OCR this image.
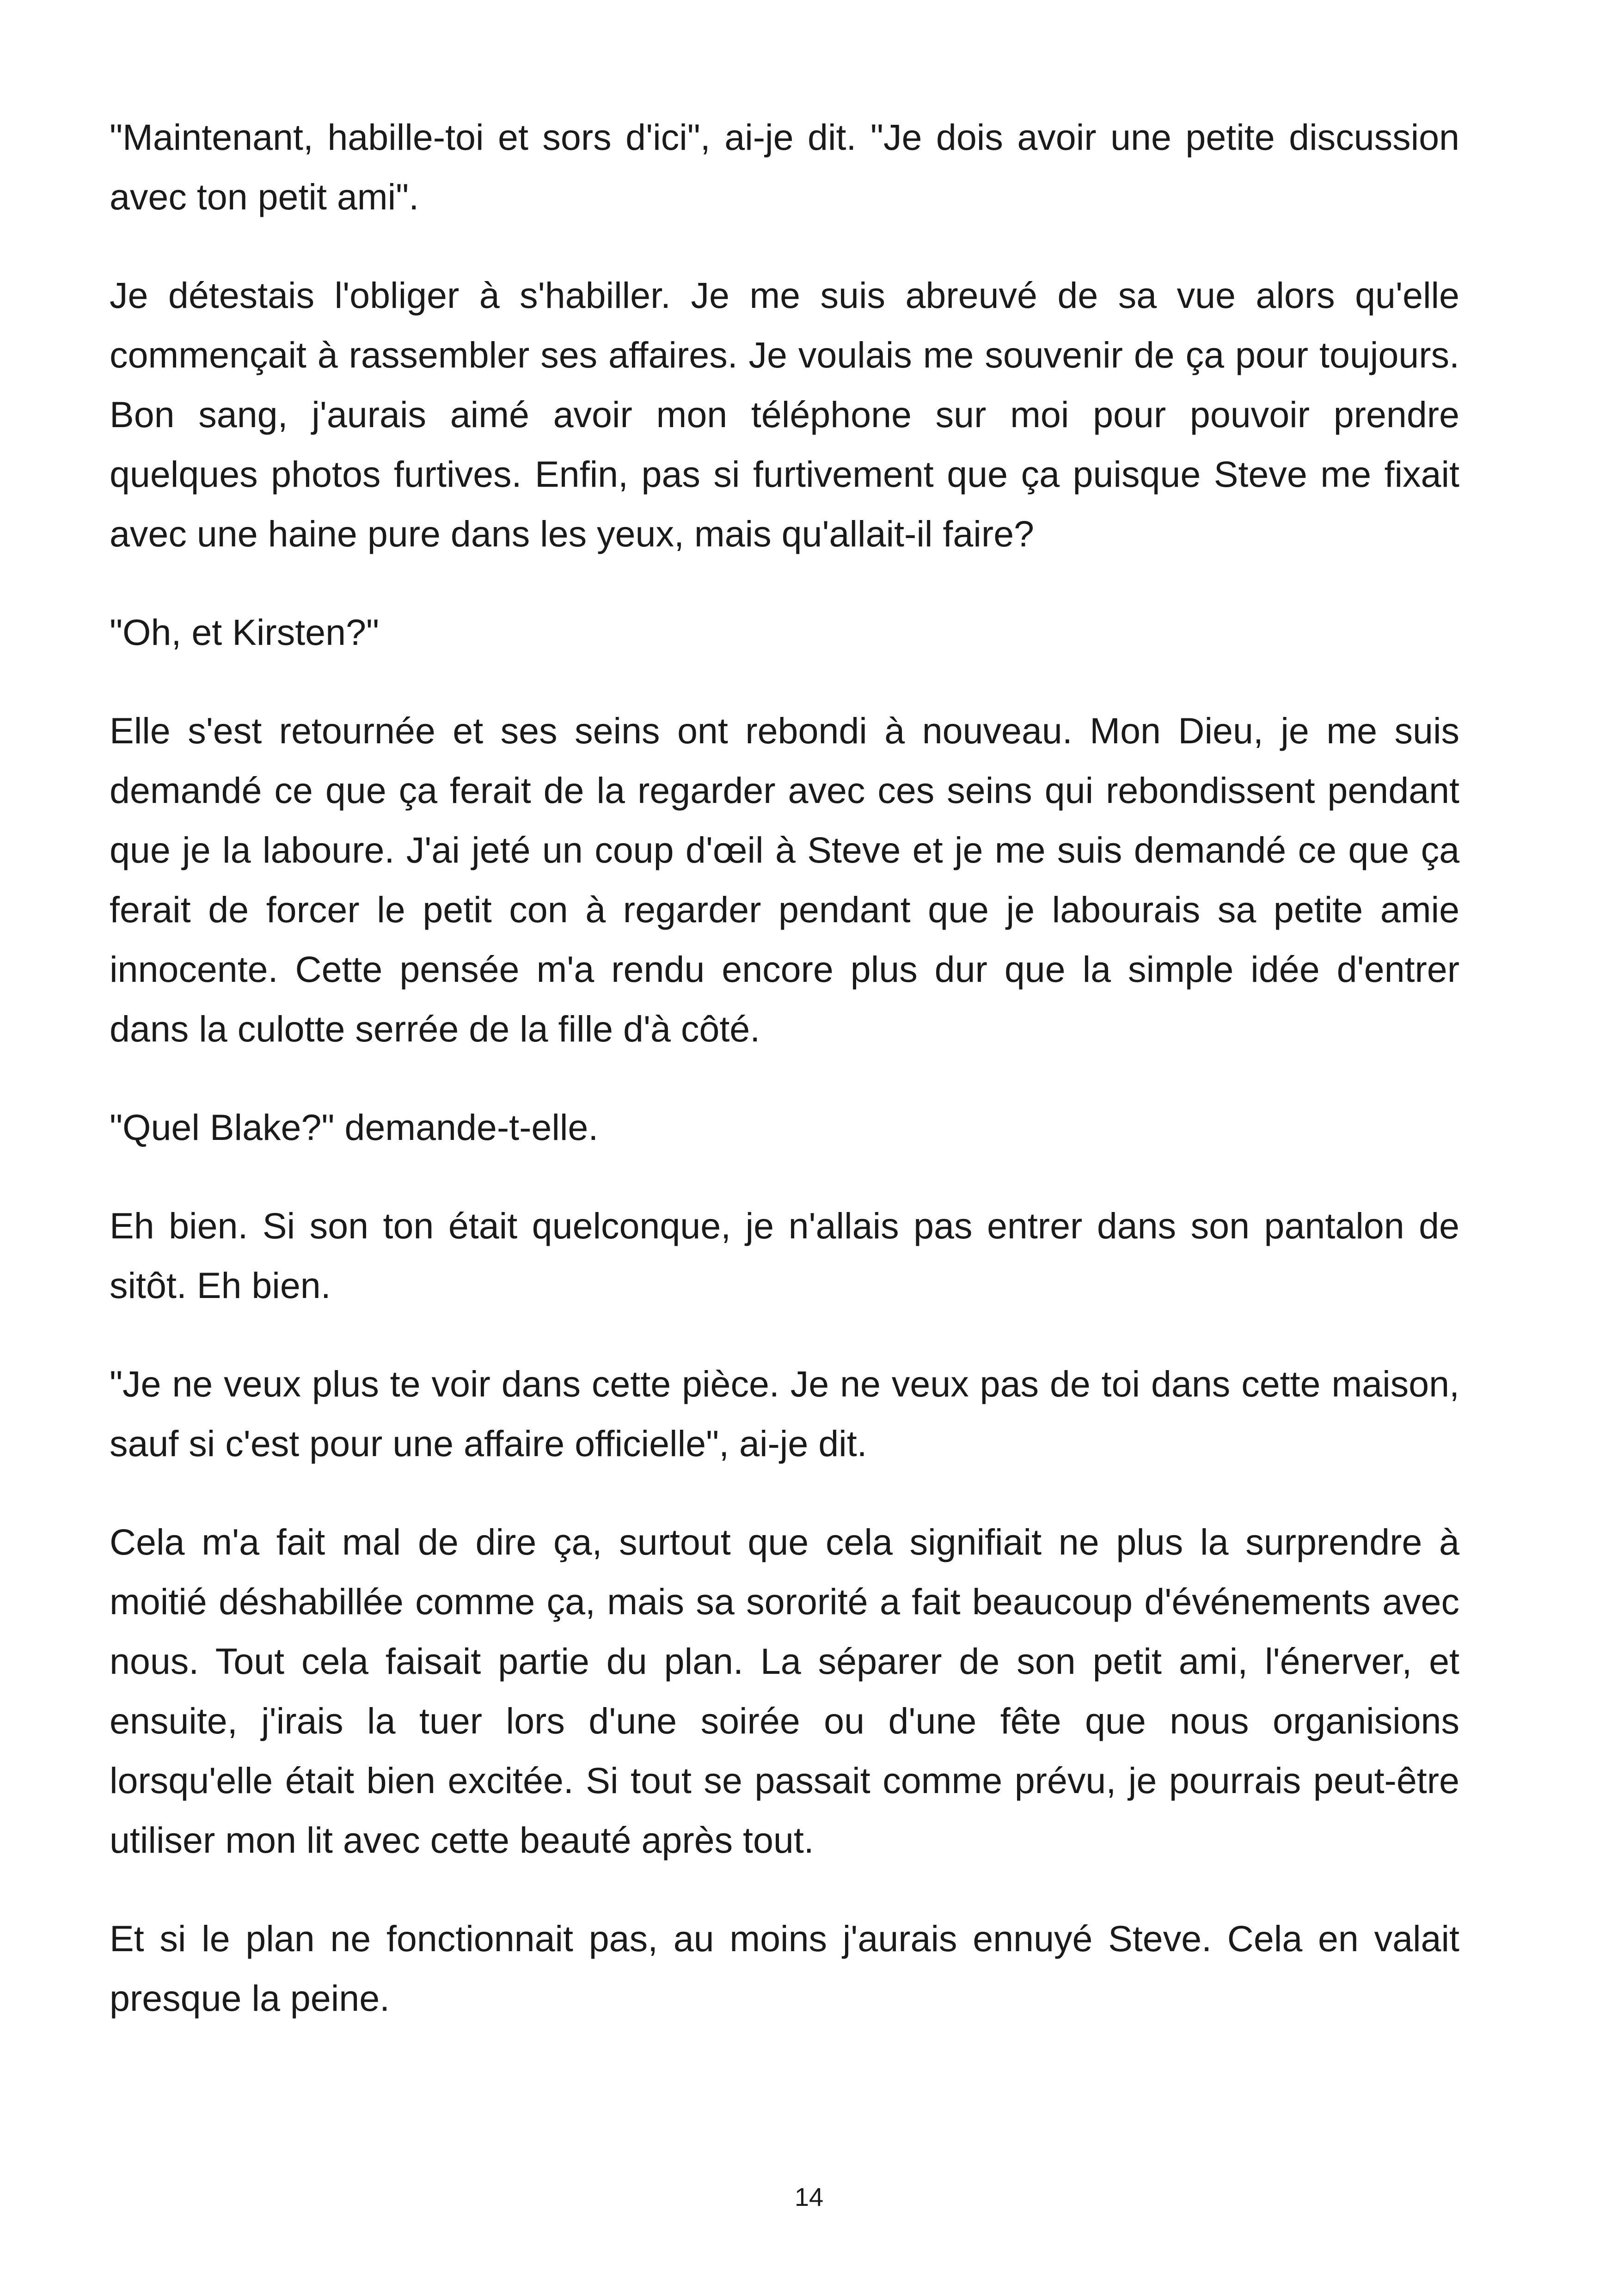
"Maintenant, habille-toi et sors d'ici", ai-je dit. "Je dois avoir une petite discussion avec ton petit ami".

Je détestais l'obliger à s'habiller. Je me suis abreuvé de sa vue alors qu'elle commençait à rassembler ses affaires. Je voulais me souvenir de ça pour toujours. Bon sang, j'aurais aimé avoir mon téléphone sur moi pour pouvoir prendre quelques photos furtives. Enfin, pas si furtivement que ça puisque Steve me fixait avec une haine pure dans les yeux, mais qu'allait-il faire?

"Oh, et Kirsten?"

Elle s'est retournée et ses seins ont rebondi à nouveau. Mon Dieu, je me suis demandé ce que ça ferait de la regarder avec ces seins qui rebondissent pendant que je la laboure. J'ai jeté un coup d'œil à Steve et je me suis demandé ce que ça ferait de forcer le petit con à regarder pendant que je labourais sa petite amie innocente. Cette pensée m'a rendu encore plus dur que la simple idée d'entrer dans la culotte serrée de la fille d'à côté.

"Quel Blake?" demande-t-elle.

Eh bien. Si son ton était quelconque, je n'allais pas entrer dans son pantalon de sitôt. Eh bien.

"Je ne veux plus te voir dans cette pièce. Je ne veux pas de toi dans cette maison, sauf si c'est pour une affaire officielle", ai-je dit.

Cela m'a fait mal de dire ça, surtout que cela signifiait ne plus la surprendre à moitié déshabillée comme ça, mais sa sororité a fait beaucoup d'événements avec nous. Tout cela faisait partie du plan. La séparer de son petit ami, l'énerver, et ensuite, j'irais la tuer lors d'une soirée ou d'une fête que nous organisions lorsqu'elle était bien excitée. Si tout se passait comme prévu, je pourrais peut-être utiliser mon lit avec cette beauté après tout.

Et si le plan ne fonctionnait pas, au moins j'aurais ennuyé Steve. Cela en valait presque la peine.

14
